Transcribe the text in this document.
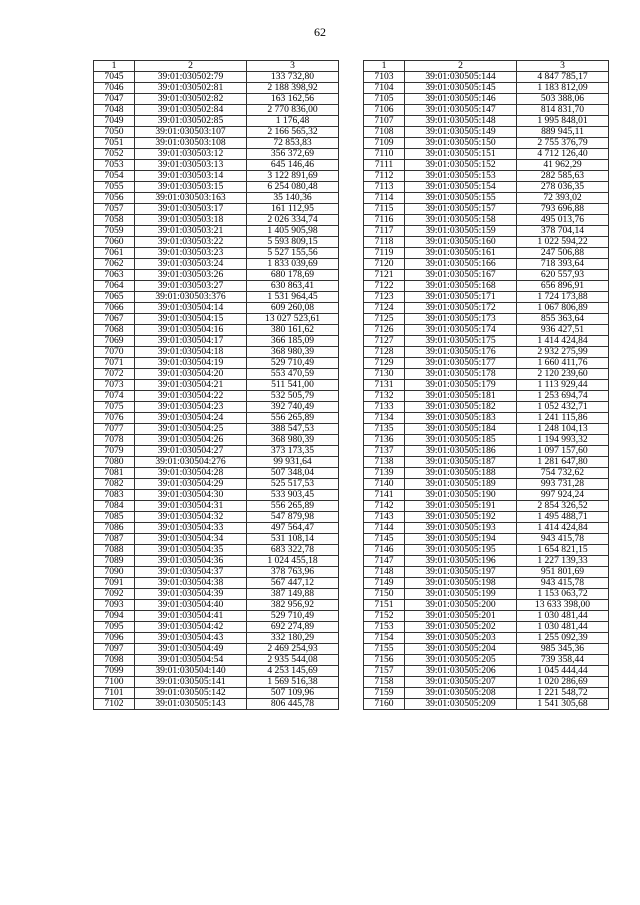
62
1	2	3
7045	39:01:030502:79	133 732,80
7046	39:01:030502:81	2 188 398,92
7047	39:01:030502:82	163 162,56
7048	39:01:030502:84	2 770 836,00
7049	39:01:030502:85	1 176,48
7050	39:01:030503:107	2 166 565,32
7051	39:01:030503:108	72 853,83
7052	39:01:030503:12	356 372,69
7053	39:01:030503:13	645 146,46
7054	39:01:030503:14	3 122 891,69
7055	39:01:030503:15	6 254 080,48
7056	39:01:030503:163	35 140,36
7057	39:01:030503:17	161 112,95
7058	39:01:030503:18	2 026 334,74
7059	39:01:030503:21	1 405 905,98
7060	39:01:030503:22	5 593 809,15
7061	39:01:030503:23	5 527 155,56
7062	39:01:030503:24	1 833 039,69
7063	39:01:030503:26	680 178,69
7064	39:01:030503:27	630 863,41
7065	39:01:030503:376	1 531 964,45
7066	39:01:030504:14	609 260,08
7067	39:01:030504:15	13 027 523,61
7068	39:01:030504:16	380 161,62
7069	39:01:030504:17	366 185,09
7070	39:01:030504:18	368 980,39
7071	39:01:030504:19	529 710,49
7072	39:01:030504:20	553 470,59
7073	39:01:030504:21	511 541,00
7074	39:01:030504:22	532 505,79
7075	39:01:030504:23	392 740,49
7076	39:01:030504:24	556 265,89
7077	39:01:030504:25	388 547,53
7078	39:01:030504:26	368 980,39
7079	39:01:030504:27	373 173,35
7080	39:01:030504:276	99 931,64
7081	39:01:030504:28	507 348,04
7082	39:01:030504:29	525 517,53
7083	39:01:030504:30	533 903,45
7084	39:01:030504:31	556 265,89
7085	39:01:030504:32	547 879,98
7086	39:01:030504:33	497 564,47
7087	39:01:030504:34	531 108,14
7088	39:01:030504:35	683 322,78
7089	39:01:030504:36	1 024 455,18
7090	39:01:030504:37	378 763,96
7091	39:01:030504:38	567 447,12
7092	39:01:030504:39	387 149,88
7093	39:01:030504:40	382 956,92
7094	39:01:030504:41	529 710,49
7095	39:01:030504:42	692 274,89
7096	39:01:030504:43	332 180,29
7097	39:01:030504:49	2 469 254,93
7098	39:01:030504:54	2 935 544,08
7099	39:01:030504:140	4 253 145,69
7100	39:01:030505:141	1 569 516,38
7101	39:01:030505:142	507 109,96
7102	39:01:030505:143	806 445,78
1	2	3
7103	39:01:030505:144	4 847 785,17
7104	39:01:030505:145	1 183 812,09
7105	39:01:030505:146	503 388,06
7106	39:01:030505:147	814 831,70
7107	39:01:030505:148	1 995 848,01
7108	39:01:030505:149	889 945,11
7109	39:01:030505:150	2 755 376,79
7110	39:01:030505:151	4 712 126,40
7111	39:01:030505:152	41 962,29
7112	39:01:030505:153	282 585,63
7113	39:01:030505:154	278 036,35
7114	39:01:030505:155	72 393,02
7115	39:01:030505:157	793 696,88
7116	39:01:030505:158	495 013,76
7117	39:01:030505:159	378 704,14
7118	39:01:030505:160	1 022 594,22
7119	39:01:030505:161	247 506,88
7120	39:01:030505:166	718 393,64
7121	39:01:030505:167	620 557,93
7122	39:01:030505:168	656 896,91
7123	39:01:030505:171	1 724 173,88
7124	39:01:030505:172	1 067 806,89
7125	39:01:030505:173	855 363,64
7126	39:01:030505:174	936 427,51
7127	39:01:030505:175	1 414 424,84
7128	39:01:030505:176	2 932 275,99
7129	39:01:030505:177	1 660 411,76
7130	39:01:030505:178	2 120 239,60
7131	39:01:030505:179	1 113 929,44
7132	39:01:030505:181	1 253 694,74
7133	39:01:030505:182	1 052 432,71
7134	39:01:030505:183	1 241 115,86
7135	39:01:030505:184	1 248 104,13
7136	39:01:030505:185	1 194 993,32
7137	39:01:030505:186	1 097 157,60
7138	39:01:030505:187	1 281 647,80
7139	39:01:030505:188	754 732,62
7140	39:01:030505:189	993 731,28
7141	39:01:030505:190	997 924,24
7142	39:01:030505:191	2 854 326,52
7143	39:01:030505:192	1 495 488,71
7144	39:01:030505:193	1 414 424,84
7145	39:01:030505:194	943 415,78
7146	39:01:030505:195	1 654 821,15
7147	39:01:030505:196	1 227 139,33
7148	39:01:030505:197	951 801,69
7149	39:01:030505:198	943 415,78
7150	39:01:030505:199	1 153 063,72
7151	39:01:030505:200	13 633 398,00
7152	39:01:030505:201	1 030 481,44
7153	39:01:030505:202	1 030 481,44
7154	39:01:030505:203	1 255 092,39
7155	39:01:030505:204	985 345,36
7156	39:01:030505:205	739 358,44
7157	39:01:030505:206	1 045 444,44
7158	39:01:030505:207	1 020 286,69
7159	39:01:030505:208	1 221 548,72
7160	39:01:030505:209	1 541 305,68
